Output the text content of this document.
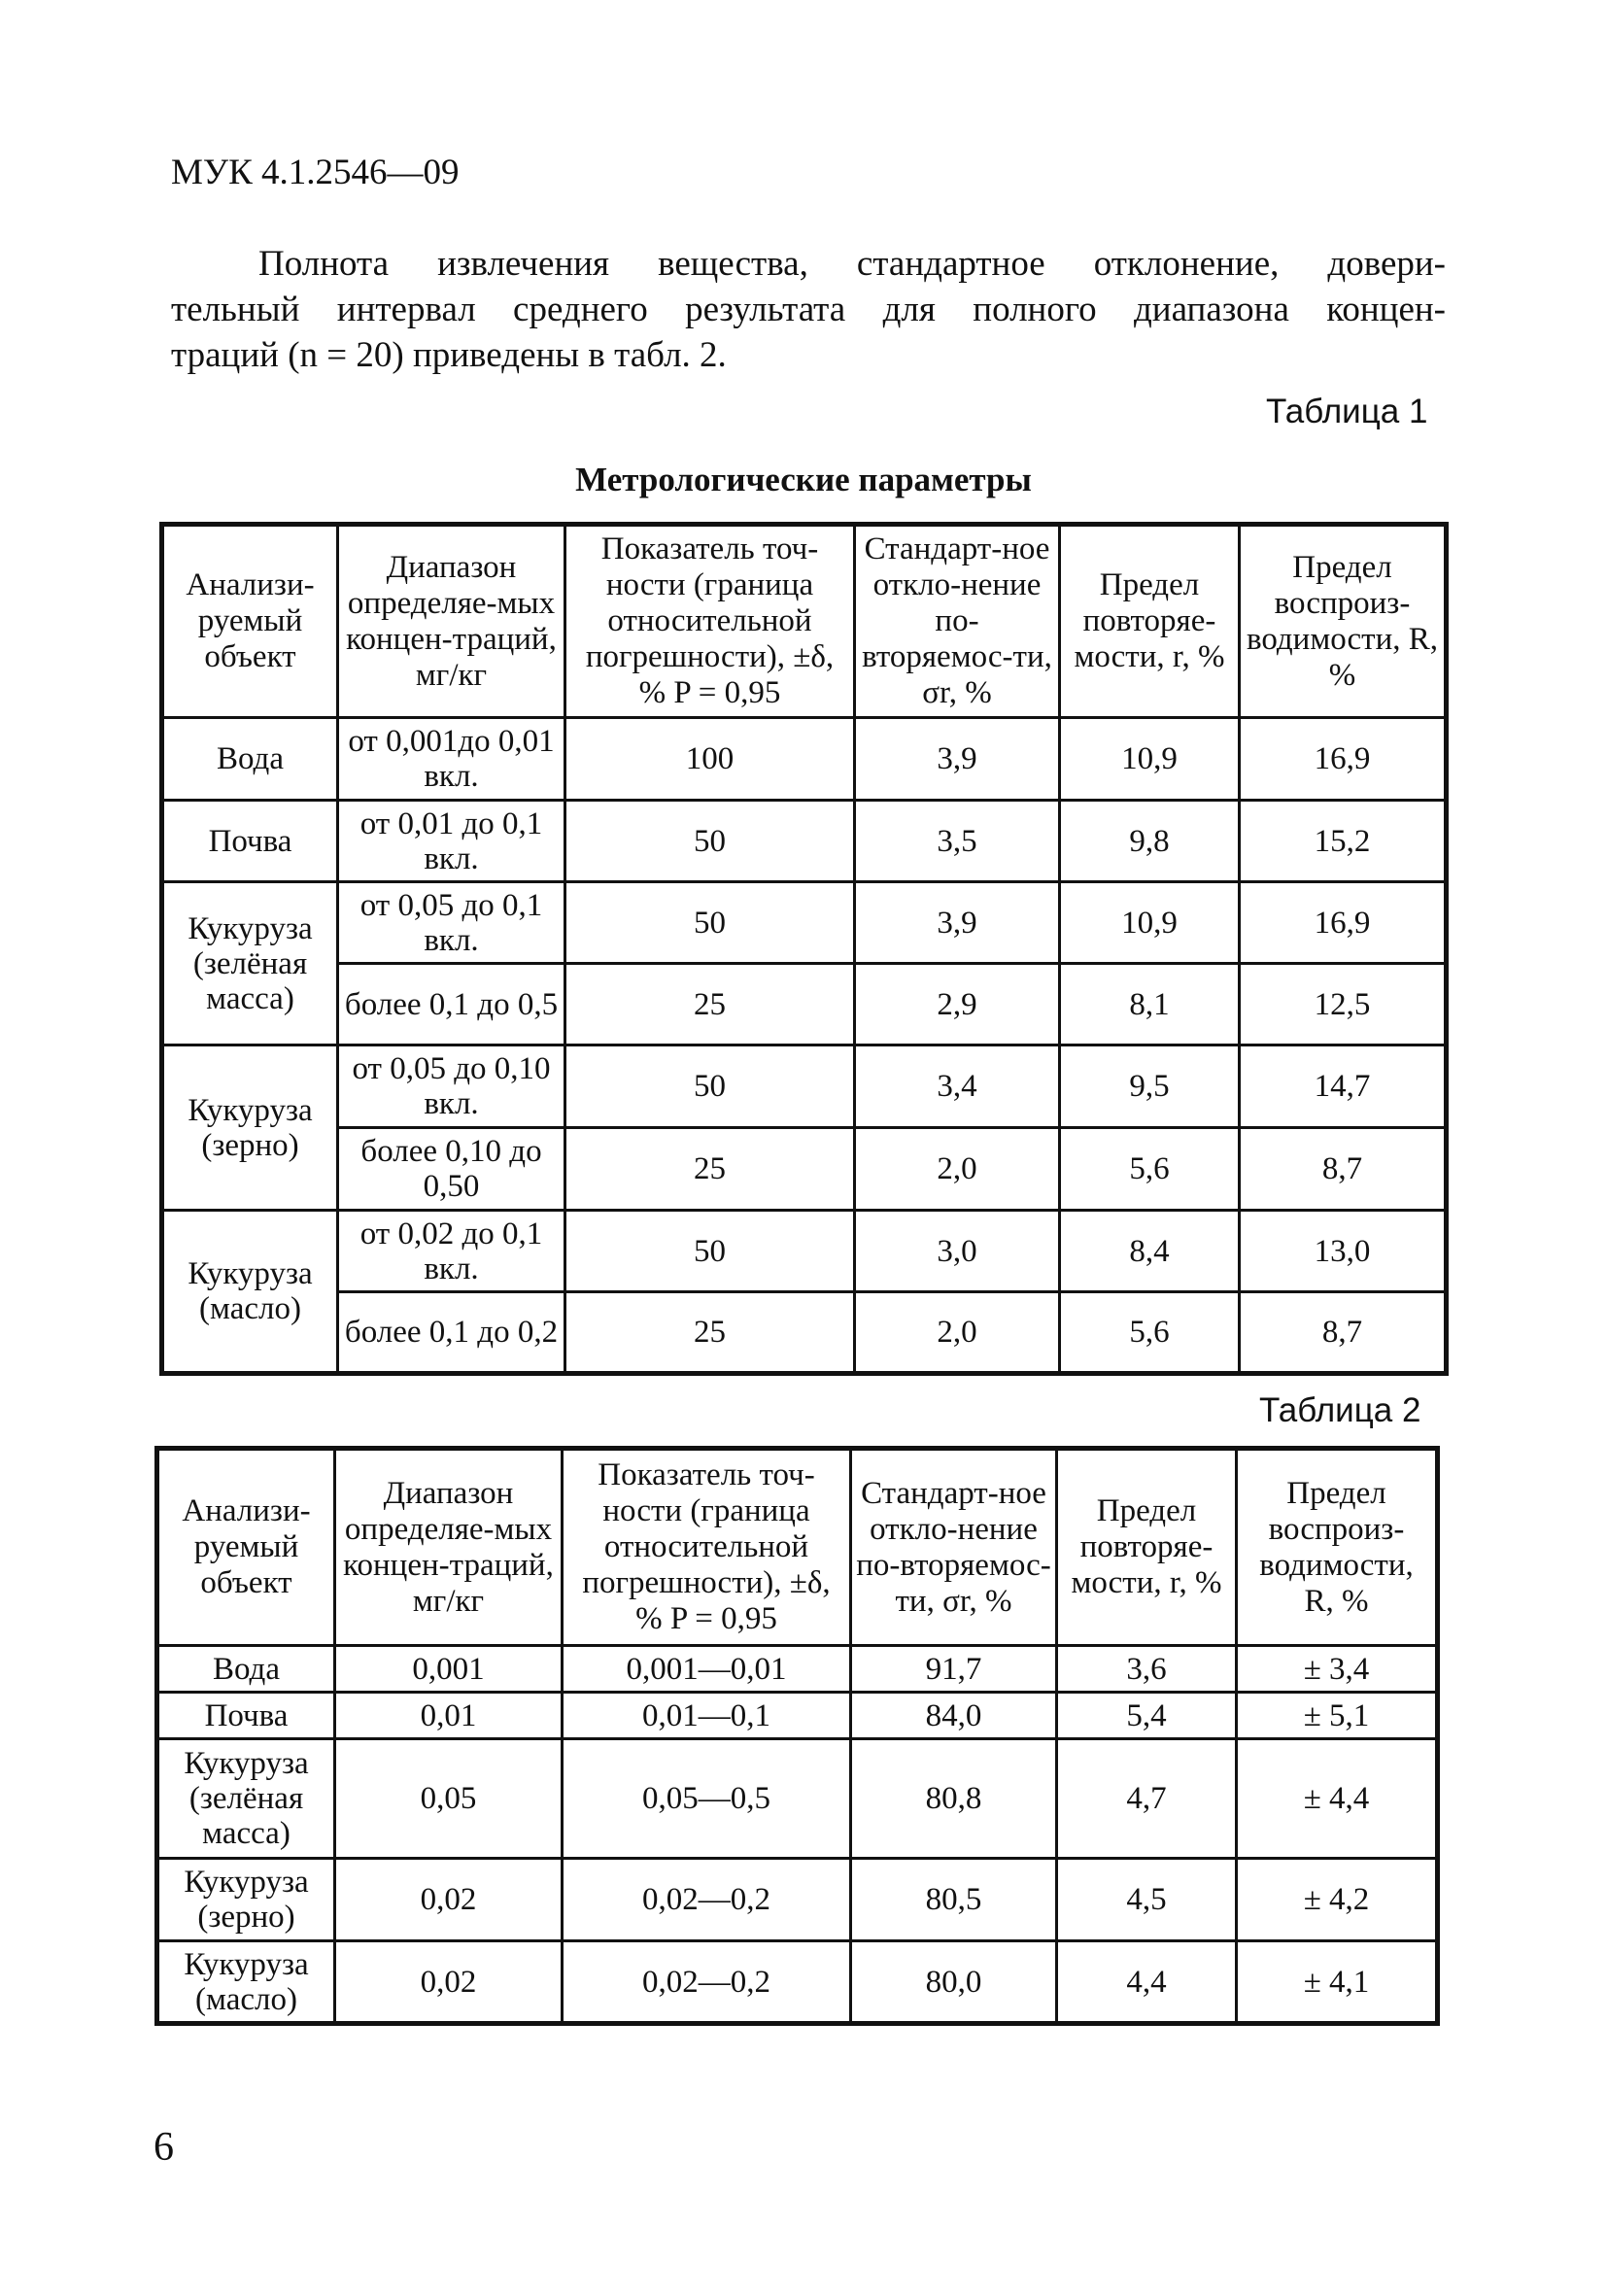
МУК 4.1.2546—09
Полнота извлечения вещества, стандартное отклонение, довери-
тельный интервал среднего результата для полного диапазона концен-
траций (n = 20) приведены в табл. 2.
Таблица 1
Метрологические параметры
Анализи-руемый объект	Диапазон определяе-мых концен-траций, мг/кг	Показатель точ-ности (граница относительной погрешности), ±δ, % P = 0,95	Стандарт-ное откло-нение по-вторяемос-ти, σr, %	Предел повторяе-мости, r, %	Предел воспроиз-водимости, R, %
Вода	от 0,001до 0,01 вкл.	100	3,9	10,9	16,9
Почва	от 0,01 до 0,1 вкл.	50	3,5	9,8	15,2
Кукуруза (зелёная масса)	от 0,05 до 0,1 вкл.	50	3,9	10,9	16,9
	более 0,1 до 0,5	25	2,9	8,1	12,5
Кукуруза (зерно)	от 0,05 до 0,10 вкл.	50	3,4	9,5	14,7
	более 0,10 до 0,50	25	2,0	5,6	8,7
Кукуруза (масло)	от 0,02 до 0,1 вкл.	50	3,0	8,4	13,0
	более 0,1 до 0,2	25	2,0	5,6	8,7
Таблица 2
Анализи-руемый объект	Диапазон определяе-мых концен-траций, мг/кг	Показатель точ-ности (граница относительной погрешности), ±δ, % P = 0,95	Стандарт-ное откло-нение по-вторяемос-ти, σr, %	Предел повторяе-мости, r, %	Предел воспроиз-водимости, R, %
Вода	0,001	0,001—0,01	91,7	3,6	± 3,4
Почва	0,01	0,01—0,1	84,0	5,4	± 5,1
Кукуруза (зелёная масса)	0,05	0,05—0,5	80,8	4,7	± 4,4
Кукуруза (зерно)	0,02	0,02—0,2	80,5	4,5	± 4,2
Кукуруза (масло)	0,02	0,02—0,2	80,0	4,4	± 4,1
6
